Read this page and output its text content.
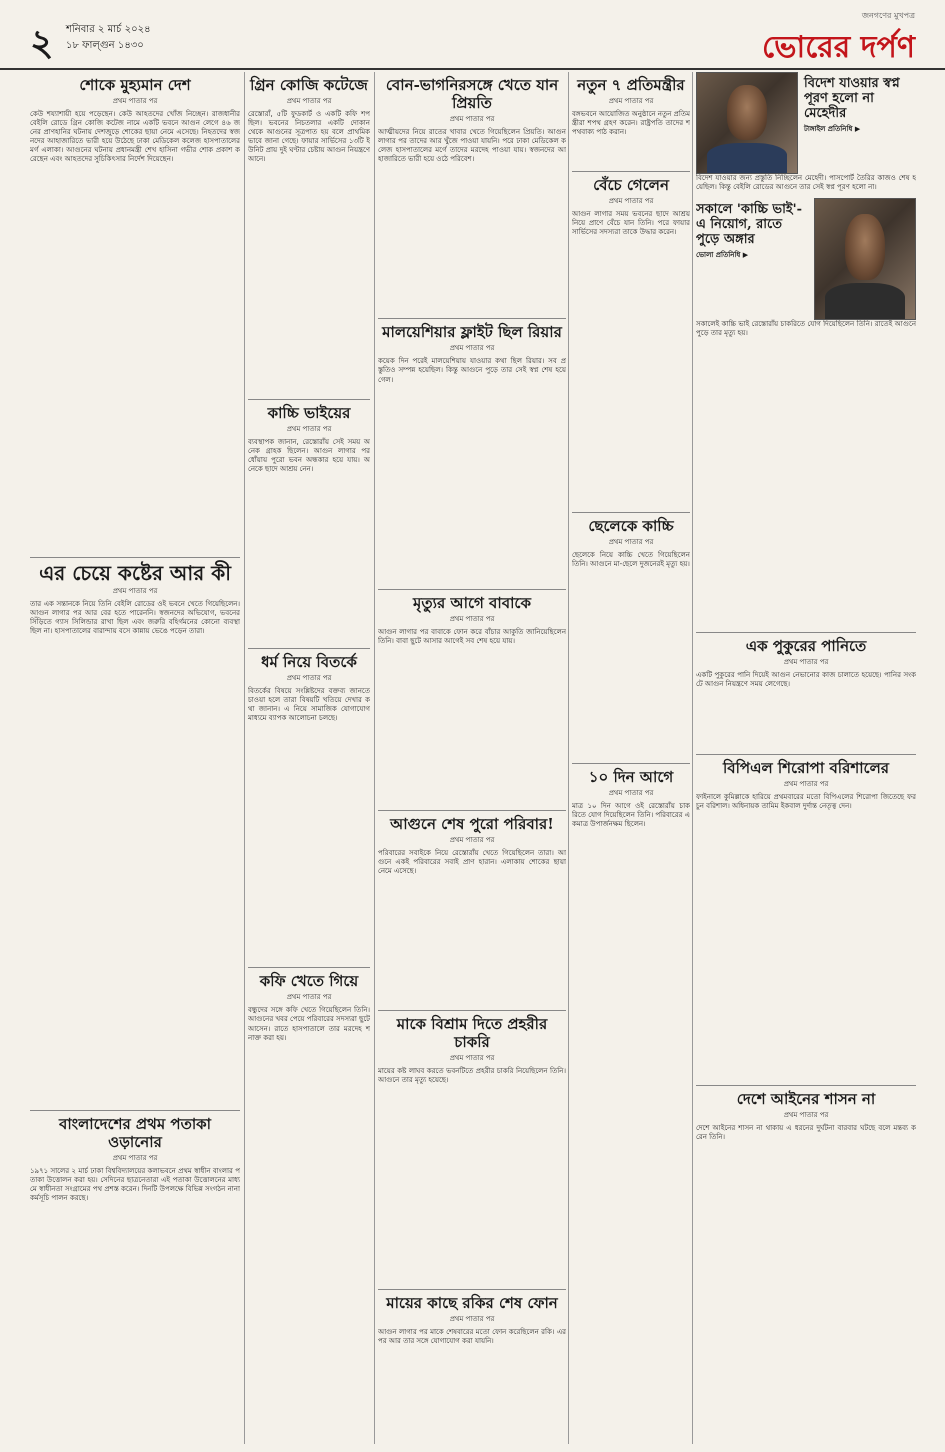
২ শনিবার ২ মার্চ ২০২৪
১৮ ফাল্গুন ১৪৩০
জনগণের মুখপত্র
ভোরের দর্পণ
শোকে মুহ্যমান দেশ
প্রথম পাতার পর
কেউ শয্যাশায়ী হয়ে পড়েছেন। কেউ আহতদের খোঁজ নিচ্ছেন। রাজধানীর বেইলি রোডে গ্রিন কোজি কটেজ নামে একটি ভবনে আগুন লেগে ৪৬ জনের প্রাণহানির ঘটনায় দেশজুড়ে শোকের ছায়া নেমে এসেছে। নিহতদের স্বজনদের আহাজারিতে ভারী হয়ে উঠেছে ঢাকা মেডিকেল কলেজ হাসপাতালের মর্গ এলাকা। আগুনের ঘটনায় প্রধানমন্ত্রী শেখ হাসিনা গভীর শোক প্রকাশ করেছেন এবং আহতদের সুচিকিৎসার নির্দেশ দিয়েছেন।
এর চেয়ে কষ্টের আর কী
প্রথম পাতার পর
তার এক সন্তানকে নিয়ে তিনি বেইলি রোডের ওই ভবনে খেতে গিয়েছিলেন। আগুন লাগার পর আর বের হতে পারেননি। স্বজনদের অভিযোগ, ভবনের সিঁড়িতে গ্যাস সিলিন্ডার রাখা ছিল এবং জরুরি বহির্গমনের কোনো ব্যবস্থা ছিল না। হাসপাতালের বারান্দায় বসে কান্নায় ভেঙে পড়েন তারা।
বাংলাদেশের প্রথম পতাকা ওড়ানোর
প্রথম পাতার পর
১৯৭১ সালের ২ মার্চ ঢাকা বিশ্ববিদ্যালয়ের কলাভবনে প্রথম স্বাধীন বাংলার পতাকা উত্তোলন করা হয়। সেদিনের ছাত্রনেতারা এই পতাকা উত্তোলনের মাধ্যমে স্বাধীনতা সংগ্রামের পথ প্রশস্ত করেন। দিনটি উপলক্ষে বিভিন্ন সংগঠন নানা কর্মসূচি পালন করছে।
গ্রিন কোজি কটেজে
প্রথম পাতার পর
রেস্তোরাঁ, ৫টি ফুডকার্ট ও একটি কফি শপ ছিল। ভবনের নিচতলার একটি দোকান থেকে আগুনের সূত্রপাত হয় বলে প্রাথমিকভাবে জানা গেছে। ফায়ার সার্ভিসের ১৩টি ইউনিট প্রায় দুই ঘণ্টার চেষ্টায় আগুন নিয়ন্ত্রণে আনে।
কাচ্চি ভাইয়ের
প্রথম পাতার পর
ব্যবস্থাপক জানান, রেস্তোরাঁয় সেই সময় অনেক গ্রাহক ছিলেন। আগুন লাগার পর ধোঁয়ায় পুরো ভবন অন্ধকার হয়ে যায়। অনেকে ছাদে আশ্রয় নেন।
ধর্ম নিয়ে বিতর্কে
প্রথম পাতার পর
বিতর্কের বিষয়ে সংশ্লিষ্টদের বক্তব্য জানতে চাওয়া হলে তারা বিষয়টি খতিয়ে দেখার কথা জানান। এ নিয়ে সামাজিক যোগাযোগমাধ্যমে ব্যাপক আলোচনা চলছে।
কফি খেতে গিয়ে
প্রথম পাতার পর
বন্ধুদের সঙ্গে কফি খেতে গিয়েছিলেন তিনি। আগুনের খবর পেয়ে পরিবারের সদস্যরা ছুটে আসেন। রাতে হাসপাতালে তার মরদেহ শনাক্ত করা হয়।
বোন-ভাগনিরসঙ্গে খেতে যান প্রিয়তি
প্রথম পাতার পর
আত্মীয়দের নিয়ে রাতের খাবার খেতে গিয়েছিলেন প্রিয়তি। আগুন লাগার পর তাদের আর খুঁজে পাওয়া যায়নি। পরে ঢাকা মেডিকেল কলেজ হাসপাতালের মর্গে তাদের মরদেহ পাওয়া যায়। স্বজনদের আহাজারিতে ভারী হয়ে ওঠে পরিবেশ।
মালয়েশিয়ার ফ্লাইট ছিল রিয়ার
প্রথম পাতার পর
কয়েক দিন পরেই মালয়েশিয়ায় যাওয়ার কথা ছিল রিয়ার। সব প্রস্তুতিও সম্পন্ন হয়েছিল। কিন্তু আগুনে পুড়ে তার সেই স্বপ্ন শেষ হয়ে গেল।
মৃত্যুর আগে বাবাকে
প্রথম পাতার পর
আগুন লাগার পর বাবাকে ফোন করে বাঁচার আকুতি জানিয়েছিলেন তিনি। বাবা ছুটে আসার আগেই সব শেষ হয়ে যায়।
আগুনে শেষ পুরো পরিবার!
প্রথম পাতার পর
পরিবারের সবাইকে নিয়ে রেস্তোরাঁয় খেতে গিয়েছিলেন তারা। আগুনে একই পরিবারের সবাই প্রাণ হারান। এলাকায় শোকের ছায়া নেমে এসেছে।
মাকে বিশ্রাম দিতে প্রহরীর চাকরি
প্রথম পাতার পর
মায়ের কষ্ট লাঘব করতে ভবনটিতে প্রহরীর চাকরি নিয়েছিলেন তিনি। আগুনে তার মৃত্যু হয়েছে।
মায়ের কাছে রকির শেষ ফোন
প্রথম পাতার পর
আগুন লাগার পর মাকে শেষবারের মতো ফোন করেছিলেন রকি। এরপর আর তার সঙ্গে যোগাযোগ করা যায়নি।
নতুন ৭ প্রতিমন্ত্রীর
প্রথম পাতার পর
বঙ্গভবনে আয়োজিত অনুষ্ঠানে নতুন প্রতিমন্ত্রীরা শপথ গ্রহণ করেন। রাষ্ট্রপতি তাদের শপথবাক্য পাঠ করান।
বেঁচে গেলেন
প্রথম পাতার পর
আগুন লাগার সময় ভবনের ছাদে আশ্রয় নিয়ে প্রাণে বেঁচে যান তিনি। পরে ফায়ার সার্ভিসের সদস্যরা তাকে উদ্ধার করেন।
ছেলেকে কাচ্চি
প্রথম পাতার পর
ছেলেকে নিয়ে কাচ্চি খেতে গিয়েছিলেন তিনি। আগুনে মা-ছেলে দুজনেরই মৃত্যু হয়।
১০ দিন আগে
প্রথম পাতার পর
মাত্র ১০ দিন আগে ওই রেস্তোরাঁয় চাকরিতে যোগ দিয়েছিলেন তিনি। পরিবারের একমাত্র উপার্জনক্ষম ছিলেন।
বিদেশ যাওয়ার স্বপ্ন পূরণ হলো না মেহেদীর
টাঙ্গাইল প্রতিনিধি ▶
বিদেশ যাওয়ার জন্য প্রস্তুতি নিচ্ছিলেন মেহেদী। পাসপোর্ট তৈরির কাজও শেষ হয়েছিল। কিন্তু বেইলি রোডের আগুনে তার সেই স্বপ্ন পূরণ হলো না।
সকালে 'কাচ্চি ভাই'-এ নিয়োগ, রাতে পুড়ে অঙ্গার
ভোলা প্রতিনিধি ▶
সকালেই কাচ্চি ভাই রেস্তোরাঁয় চাকরিতে যোগ দিয়েছিলেন তিনি। রাতেই আগুনে পুড়ে তার মৃত্যু হয়।
এক পুকুরের পানিতে
প্রথম পাতার পর
একটি পুকুরের পানি দিয়েই আগুন নেভানোর কাজ চালাতে হয়েছে। পানির সংকটে আগুন নিয়ন্ত্রণে সময় লেগেছে।
বিপিএল শিরোপা বরিশালের
প্রথম পাতার পর
ফাইনালে কুমিল্লাকে হারিয়ে প্রথমবারের মতো বিপিএলের শিরোপা জিতেছে ফরচুন বরিশাল। অধিনায়ক তামিম ইকবাল দুর্দান্ত নেতৃত্ব দেন।
দেশে আইনের শাসন না
প্রথম পাতার পর
দেশে আইনের শাসন না থাকায় এ ধরনের দুর্ঘটনা বারবার ঘটছে বলে মন্তব্য করেন তিনি।
